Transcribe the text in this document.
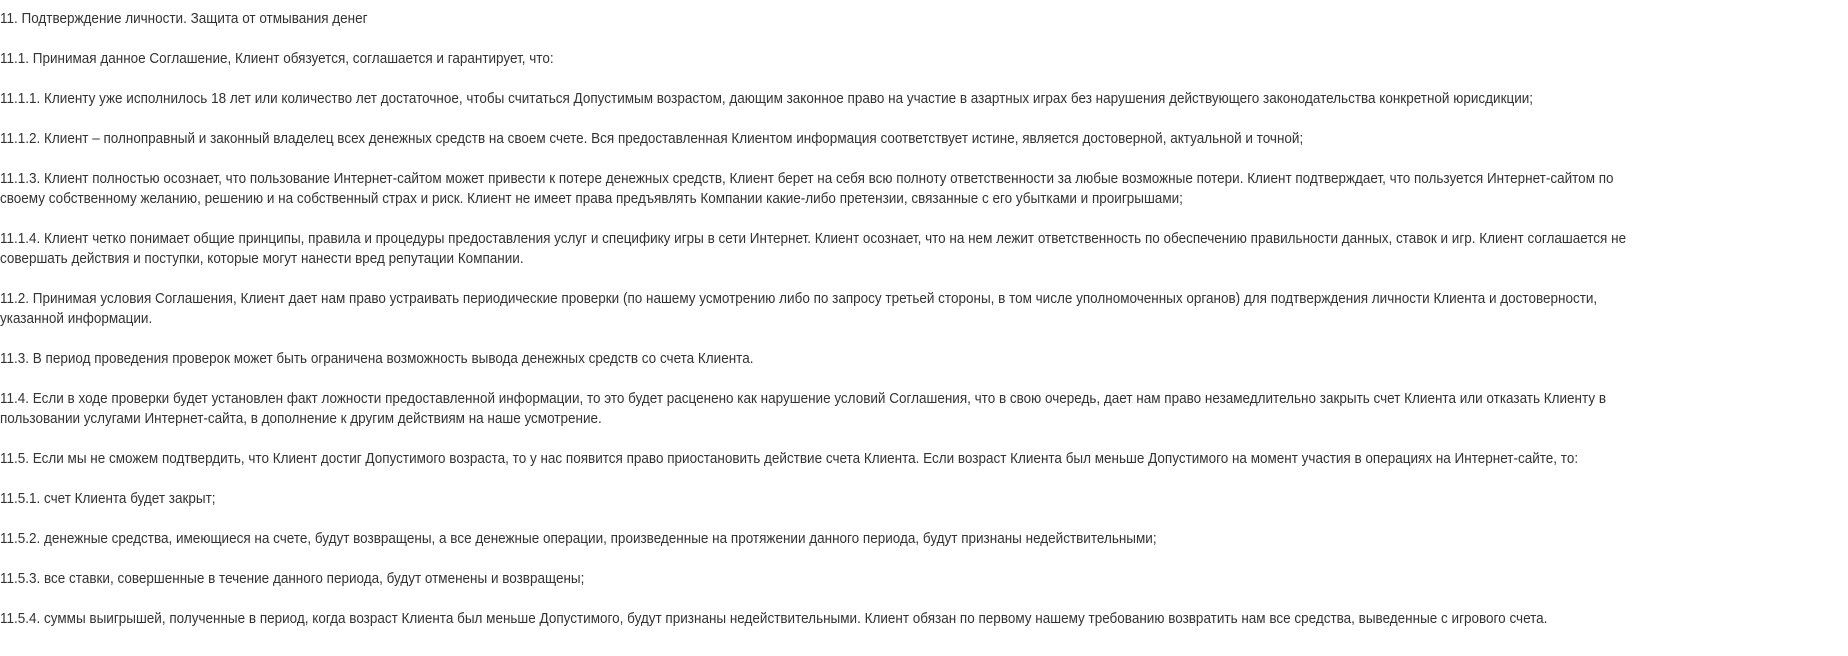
11. Подтверждение личности. Защита от отмывания денег

11.1. Принимая данное Соглашение, Клиент обязуется, соглашается и гарантирует, что:

11.1.1. Клиенту уже исполнилось 18 лет или количество лет достаточное, чтобы считаться Допустимым возрастом, дающим законное право на участие в азартных играх без нарушения действующего законодательства конкретной юрисдикции;

11.1.2. Клиент – полноправный и законный владелец всех денежных средств на своем счете. Вся предоставленная Клиентом информация соответствует истине, является достоверной, актуальной и точной;

11.1.3. Клиент полностью осознает, что пользование Интернет-сайтом может привести к потере денежных средств, Клиент берет на себя всю полноту ответственности за любые возможные потери. Клиент подтверждает, что пользуется Интернет-сайтом по своему собственному желанию, решению и на собственный страх и риск. Клиент не имеет права предъявлять Компании какие-либо претензии, связанные с его убытками и проигрышами;

11.1.4. Клиент четко понимает общие принципы, правила и процедуры предоставления услуг и специфику игры в сети Интернет. Клиент осознает, что на нем лежит ответственность по обеспечению правильности данных, ставок и игр. Клиент соглашается не совершать действия и поступки, которые могут нанести вред репутации Компании.

11.2. Принимая условия Соглашения, Клиент дает нам право устраивать периодические проверки (по нашему усмотрению либо по запросу третьей стороны, в том числе уполномоченных органов) для подтверждения личности Клиента и достоверности, указанной информации.

11.3. В период проведения проверок может быть ограничена возможность вывода денежных средств со счета Клиента.

11.4. Если в ходе проверки будет установлен факт ложности предоставленной информации, то это будет расценено как нарушение условий Соглашения, что в свою очередь, дает нам право незамедлительно закрыть счет Клиента или отказать Клиенту в пользовании услугами Интернет-сайта, в дополнение к другим действиям на наше усмотрение.

11.5. Если мы не сможем подтвердить, что Клиент достиг Допустимого возраста, то у нас появится право приостановить действие счета Клиента. Если возраст Клиента был меньше Допустимого на момент участия в операциях на Интернет-сайте, то:

11.5.1. счет Клиента будет закрыт;

11.5.2. денежные средства, имеющиеся на счете, будут возвращены, а все денежные операции, произведенные на протяжении данного периода, будут признаны недействительными;

11.5.3. все ставки, совершенные в течение данного периода, будут отменены и возвращены;

11.5.4. суммы выигрышей, полученные в период, когда возраст Клиента был меньше Допустимого, будут признаны недействительными. Клиент обязан по первому нашему требованию возвратить нам все средства, выведенные с игрового счета.
